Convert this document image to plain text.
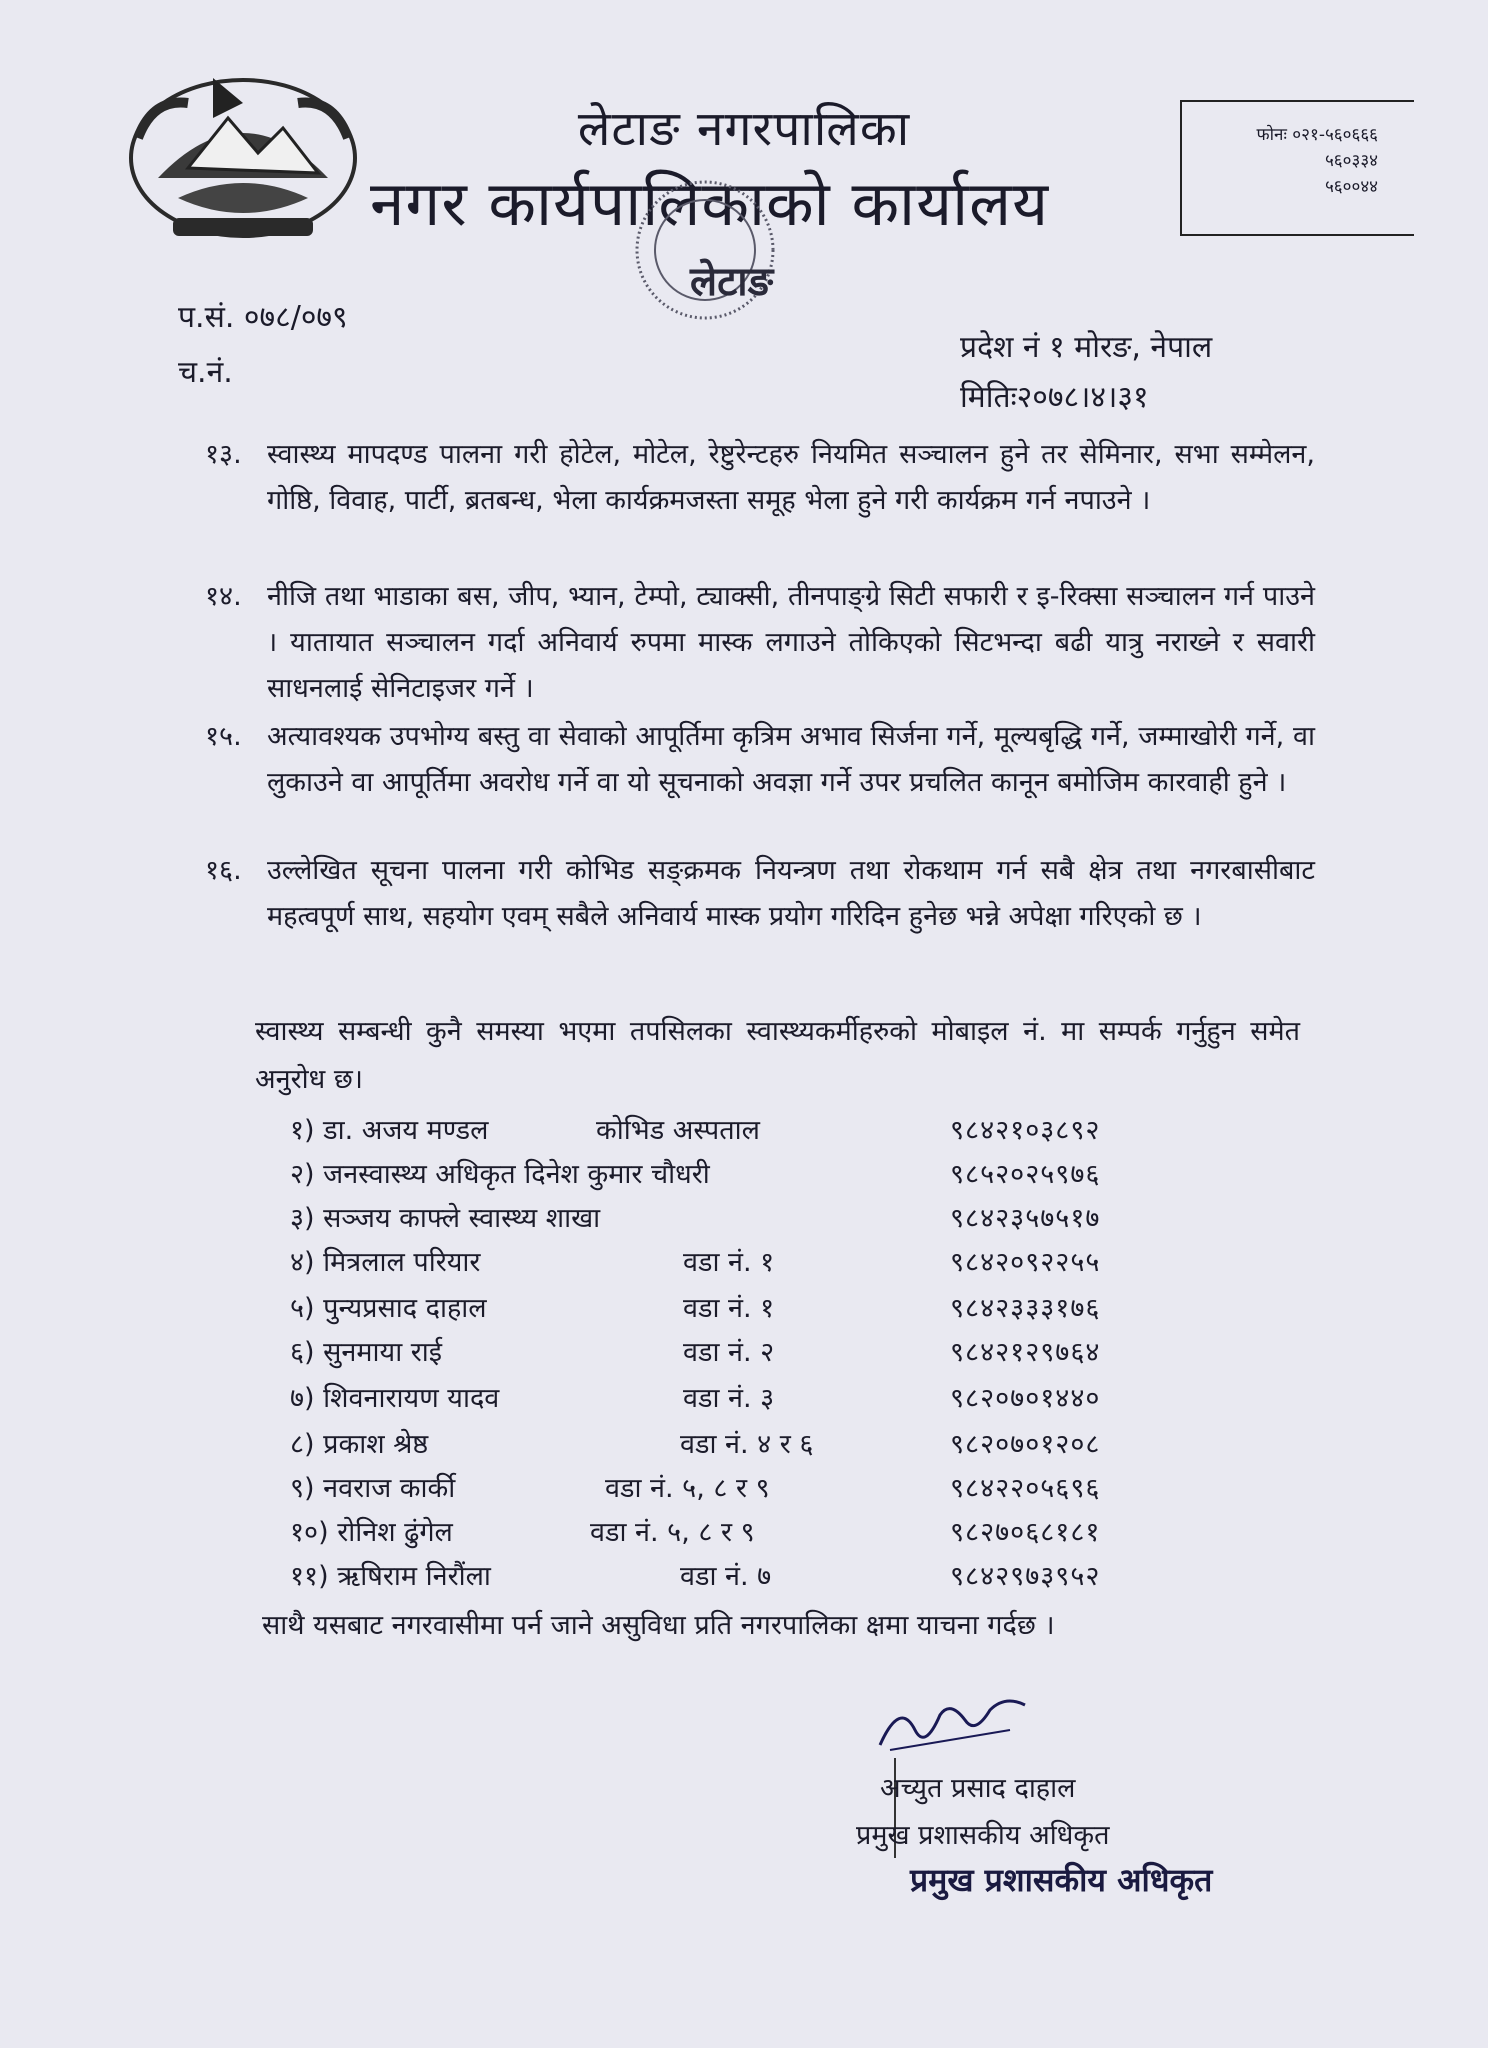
लेटाङ नगरपालिका
नगर कार्यपालिकाको कार्यालय
फोनः ०२१-५६०६६६
५६०३३४
५६००४४
लेटाङ
प.सं. ०७८/०७९
च.नं.
प्रदेश नं १ मोरङ, नेपाल
मितिः२०७८।४।३१
१३. स्वास्थ्य मापदण्ड पालना गरी होटेल, मोटेल, रेष्टुरेन्टहरु नियमित सञ्चालन हुने तर सेमिनार, सभा सम्मेलन, गोष्ठि, विवाह, पार्टी, ब्रतबन्ध, भेला कार्यक्रमजस्ता समूह भेला हुने गरी कार्यक्रम गर्न नपाउने ।
१४. नीजि तथा भाडाका बस, जीप, भ्यान, टेम्पो, ट्याक्सी, तीनपाङ्ग्रे सिटी सफारी र इ-रिक्सा सञ्चालन गर्न पाउने । यातायात सञ्चालन गर्दा अनिवार्य रुपमा मास्क लगाउने तोकिएको सिटभन्दा बढी यात्रु नराख्ने र सवारी साधनलाई सेनिटाइजर गर्ने ।
१५. अत्यावश्यक उपभोग्य बस्तु वा सेवाको आपूर्तिमा कृत्रिम अभाव सिर्जना गर्ने, मूल्यबृद्धि गर्ने, जम्माखोरी गर्ने, वा लुकाउने वा आपूर्तिमा अवरोध गर्ने वा यो सूचनाको अवज्ञा गर्ने उपर प्रचलित कानून बमोजिम कारवाही हुने ।
१६. उल्लेखित सूचना पालना गरी कोभिड सङ्क्रमक नियन्त्रण तथा रोकथाम गर्न सबै क्षेत्र तथा नगरबासीबाट महत्वपूर्ण साथ, सहयोग एवम् सबैले अनिवार्य मास्क प्रयोग गरिदिन हुनेछ भन्ने अपेक्षा गरिएको छ ।
स्वास्थ्य सम्बन्धी कुनै समस्या भएमा तपसिलका स्वास्थ्यकर्मीहरुको मोबाइल नं. मा सम्पर्क गर्नुहुन समेत अनुरोध छ।
१) डा. अजय मण्डल	कोभिड अस्पताल	९८४२१०३८९२
२) जनस्वास्थ्य अधिकृत दिनेश कुमार चौधरी	९८५२०२५९७६
३) सञ्जय काफ्ले स्वास्थ्य शाखा	९८४२३५७५१७
४) मित्रलाल परियार	वडा नं. १	९८४२०९२२५५
५) पुन्यप्रसाद दाहाल	वडा नं. १	९८४२३३३१७६
६) सुनमाया राई	वडा नं. २	९८४२१२९७६४
७) शिवनारायण यादव	वडा नं. ३	९८२०७०१४४०
८) प्रकाश श्रेष्ठ	वडा नं. ४ र ६	९८२०७०१२०८
९) नवराज कार्की	वडा नं. ५, ८ र ९	९८४२२०५६९६
१०) रोनिश ढुंगेल	वडा नं. ५, ८ र ९	९८२७०६८१८१
११) ऋषिराम निरौंला	वडा नं. ७	९८४२९७३९५२
साथै यसबाट नगरवासीमा पर्न जाने असुविधा प्रति नगरपालिका क्षमा याचना गर्दछ ।
अच्युत प्रसाद दाहाल
प्रमुख प्रशासकीय अधिकृत
प्रमुख प्रशासकीय अधिकृत
